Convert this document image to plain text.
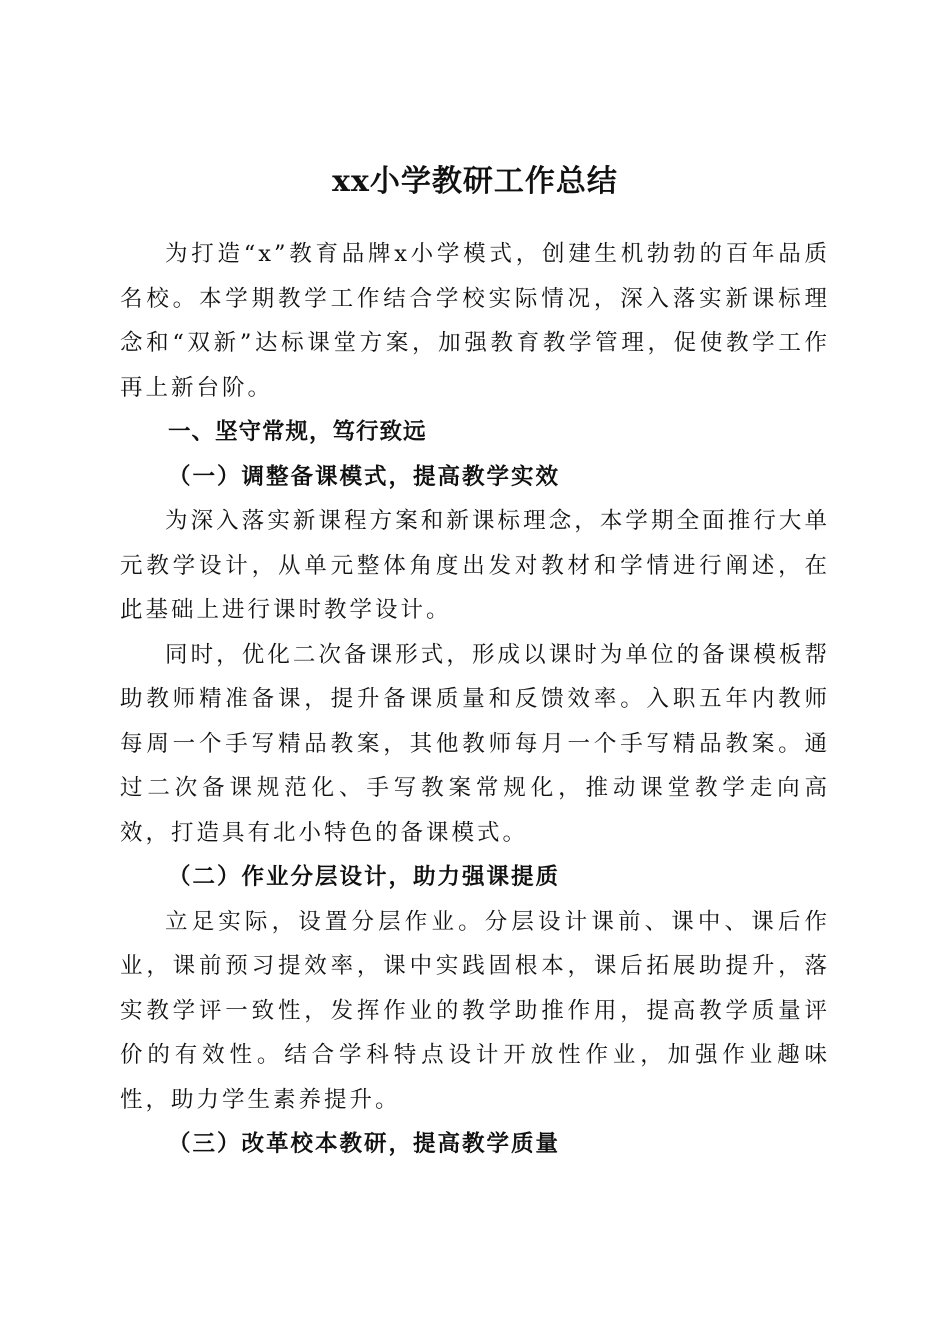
xx小学教研工作总结

为打造“x”教育品牌x小学模式，创建生机勃勃的百年品质名校。本学期教学工作结合学校实际情况，深入落实新课标理念和“双新”达标课堂方案，加强教育教学管理，促使教学工作再上新台阶。

一、坚守常规，笃行致远
（一）调整备课模式，提高教学实效

为深入落实新课程方案和新课标理念，本学期全面推行大单元教学设计，从单元整体角度出发对教材和学情进行阐述，在此基础上进行课时教学设计。

同时，优化二次备课形式，形成以课时为单位的备课模板帮助教师精准备课，提升备课质量和反馈效率。入职五年内教师每周一个手写精品教案，其他教师每月一个手写精品教案。通过二次备课规范化、手写教案常规化，推动课堂教学走向高效，打造具有北小特色的备课模式。

（二）作业分层设计，助力强课提质

立足实际，设置分层作业。分层设计课前、课中、课后作业，课前预习提效率，课中实践固根本，课后拓展助提升，落实教学评一致性，发挥作业的教学助推作用，提高教学质量评价的有效性。结合学科特点设计开放性作业，加强作业趣味性，助力学生素养提升。

（三）改革校本教研，提高教学质量
